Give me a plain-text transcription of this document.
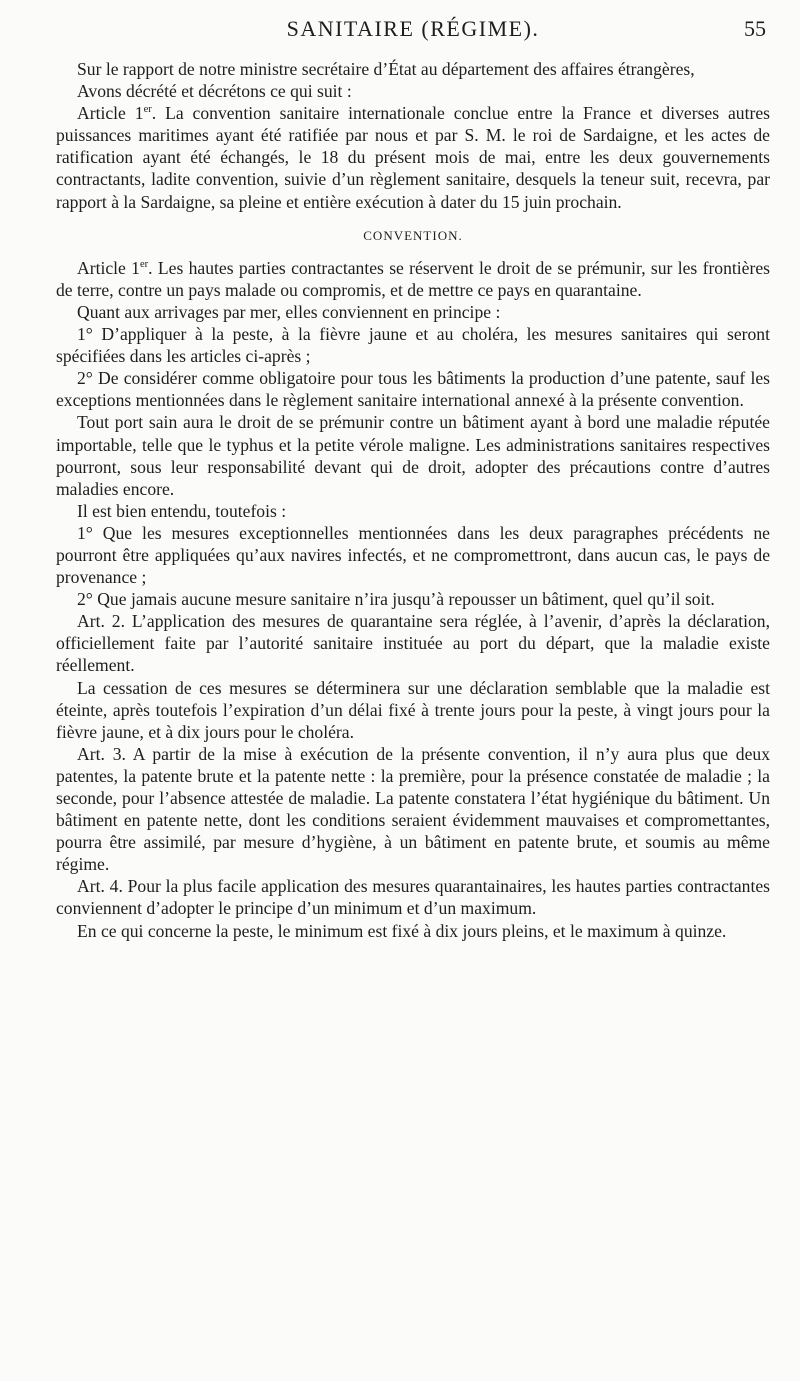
SANITAIRE (RÉGIME).	55

Sur le rapport de notre ministre secrétaire d’État au département des affaires étrangères,

Avons décrété et décrétons ce qui suit :

Article 1er. La convention sanitaire internationale conclue entre la France et diverses autres puissances maritimes ayant été ratifiée par nous et par S. M. le roi de Sardaigne, et les actes de ratification ayant été échangés, le 18 du présent mois de mai, entre les deux gouvernements contractants, ladite convention, suivie d’un règlement sanitaire, desquels la teneur suit, recevra, par rapport à la Sardaigne, sa pleine et entière exécution à dater du 15 juin prochain.

CONVENTION.

Article 1er. Les hautes parties contractantes se réservent le droit de se prémunir, sur les frontières de terre, contre un pays malade ou compromis, et de mettre ce pays en quarantaine.

Quant aux arrivages par mer, elles conviennent en principe :

1° D’appliquer à la peste, à la fièvre jaune et au choléra, les mesures sanitaires qui seront spécifiées dans les articles ci-après ;

2° De considérer comme obligatoire pour tous les bâtiments la production d’une patente, sauf les exceptions mentionnées dans le règlement sanitaire international annexé à la présente convention.

Tout port sain aura le droit de se prémunir contre un bâtiment ayant à bord une maladie réputée importable, telle que le typhus et la petite vérole maligne. Les administrations sanitaires respectives pourront, sous leur responsabilité devant qui de droit, adopter des précautions contre d’autres maladies encore.

Il est bien entendu, toutefois :

1° Que les mesures exceptionnelles mentionnées dans les deux paragraphes précédents ne pourront être appliquées qu’aux navires infectés, et ne compromettront, dans aucun cas, le pays de provenance ;

2° Que jamais aucune mesure sanitaire n’ira jusqu’à repousser un bâtiment, quel qu’il soit.

Art. 2. L’application des mesures de quarantaine sera réglée, à l’avenir, d’après la déclaration, officiellement faite par l’autorité sanitaire instituée au port du départ, que la maladie existe réellement.

La cessation de ces mesures se déterminera sur une déclaration semblable que la maladie est éteinte, après toutefois l’expiration d’un délai fixé à trente jours pour la peste, à vingt jours pour la fièvre jaune, et à dix jours pour le choléra.

Art. 3. A partir de la mise à exécution de la présente convention, il n’y aura plus que deux patentes, la patente brute et la patente nette : la première, pour la présence constatée de maladie ; la seconde, pour l’absence attestée de maladie. La patente constatera l’état hygiénique du bâtiment. Un bâtiment en patente nette, dont les conditions seraient évidemment mauvaises et compromettantes, pourra être assimilé, par mesure d’hygiène, à un bâtiment en patente brute, et soumis au même régime.

Art. 4. Pour la plus facile application des mesures quarantainaires, les hautes parties contractantes conviennent d’adopter le principe d’un minimum et d’un maximum.

En ce qui concerne la peste, le minimum est fixé à dix jours pleins, et le maximum à quinze.
